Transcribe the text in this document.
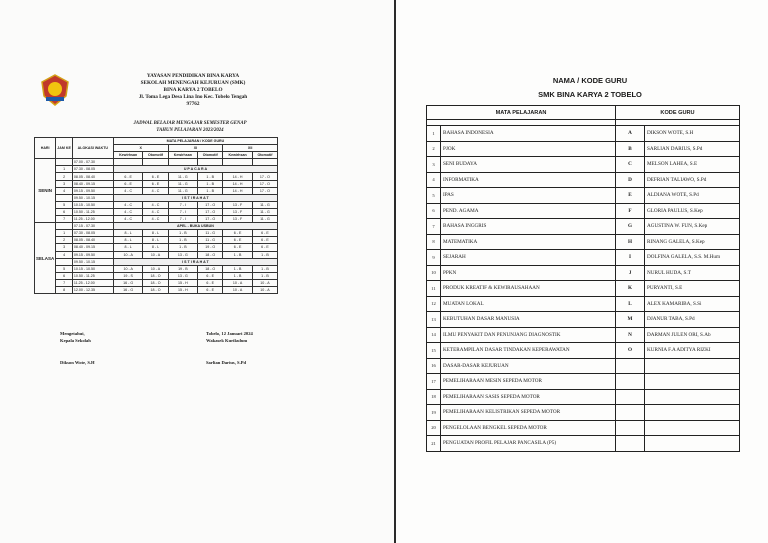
YAYASAN PENDIDIKAN BINA KARYA
SEKOLAH MENENGAH KEJURUAN (SMK)
BINA KARYA 2 TOBELO
Jl. Toma Lega Desa Lina Ino Kec. Tobelo Tengah
97762
JADWAL BELAJAR MENGAJAR SEMESTER GENAP
TAHUN PELAJARAN 2023/2024
HARI	JAM KE	ALOKASI WAKTU	MATA PELAJARAN / KODE GURU					
			X		XI		XII	
			Kewirhsan	Otomotif	Kewirhsan	Otomotif	Kewirhsan	Otomotif
SENIN		07.00 - 07.30						
	1	07.30 - 08.05	U P A C A R A					
	2	08.05 - 08.40	6 - E	6 - E	11 - G	1 - B	14 - H	17 - O
	3	08.40 - 09.15	6 - E	6 - E	11 - G	1 - B	14 - H	17 - O
	4	09.15 - 09.50	4 - C	4 - C	11 - G	1 - B	14 - H	17 - O
		09.50 - 10.15	I S T I R A H A T					
	5	10.15 - 10.50	4 - C	4 - C	7 - I	17 - O	13 - F	11 - G
	6	10.50 - 11.25	4 - C	4 - C	7 - I	17 - O	13 - F	11 - G
	7	11.25 - 12.00	4 - C	4 - C	7 - I	17 - O	13 - F	11 - G
SELASA		07.15 - 07.30	APEL - BUKA USBUN					
	1	07.30 - 08.05	8 - L	8 - L	1 - B	11 - G	6 - E	6 - E
	2	08.05 - 08.40	8 - L	8 - L	1 - B	11 - G	6 - E	6 - E
	3	08.40 - 09.15	8 - L	8 - L	1 - B	19 - O	6 - E	6 - E
	4	09.15 - 09.50	10 - A	10 - A	13 - G	18 - O	1 - B	1 - B
		09.50 - 10.15	I S T I R A H A T					
	5	10.15 - 10.50	10 - A	10 - A	19 - B	18 - O	1 - B	1 - B
	6	10.50 - 11.25	19 - S	18 - O	13 - G	6 - E	1 - B	1 - B
	7	11.25 - 12.00	16 - G	18 - O	15 - H	6 - E	10 - A	10 - A
	8	12.00 - 12.35	16 - G	18 - O	15 - H	6 - E	10 - A	10 - A
Mengetahui,
Kepala Sekolah
Dikson Wote, S.H
Tobelo, 12 Januari 2024
Wakasek Kurikulum
Sarlian Darius, S.Pd
NAMA / KODE GURU
SMK BINA KARYA 2 TOBELO
MATA PELAJARAN		KODE GURU	

1	BAHASA INDONESIA	A	DIKSON WOTE, S.H
2	PJOK	B	SARLIAN DARIUS, S.Pd
3	SENI BUDAYA	C	MELSON LAHEA, S.E
4	INFORMATIKA	D	DEFRIAN TALIAWO, S.Pd
5	IPAS	E	ALDIANA WOTE, S.Pd
6	PEND. AGAMA	F	GLORIA PAULUS, S.Kep
7	BAHASA INGGRIS	G	AGUSTINA W. FUN, S.Kep
8	MATEMATIKA	H	RINANG GALELA, S.Kep
9	SEJARAH	I	DOLFINA GALELA, S.S. M.Hum
10	PPKN	J	NURUL HUDA, S.T
11	PRODUK KREATIF & KEWIRAUSAHAAN	K	PURYANTI, S.E
12	MUATAN LOKAL	L	ALEX KAMARIBA, S.Si
13	KEBUTUHAN DASAR MANUSIA	M	DJANUR TABA, S.Pd
14	ILMU PENYAKIT DAN PENUNJANG DIAGNOSTIK	N	DARMAN JULEN ORI, S.Ab
15	KETERAMPILAN DASAR TINDAKAN KEPERAWATAN	O	KURNIA F.A ADITYA RIZKI
16	DASAR-DASAR KEJURUAN		
17	PEMELIHARAAN MESIN SEPEDA MOTOR		
18	PEMELIHARAAN SASIS SEPEDA MOTOR		
19	PEMELIHARAAN KELISTRIKAN SEPEDA MOTOR		
20	PENGELOLAAN BENGKEL SEPEDA MOTOR		
21	PENGUATAN PROFIL PELAJAR PANCASILA (P5)		
